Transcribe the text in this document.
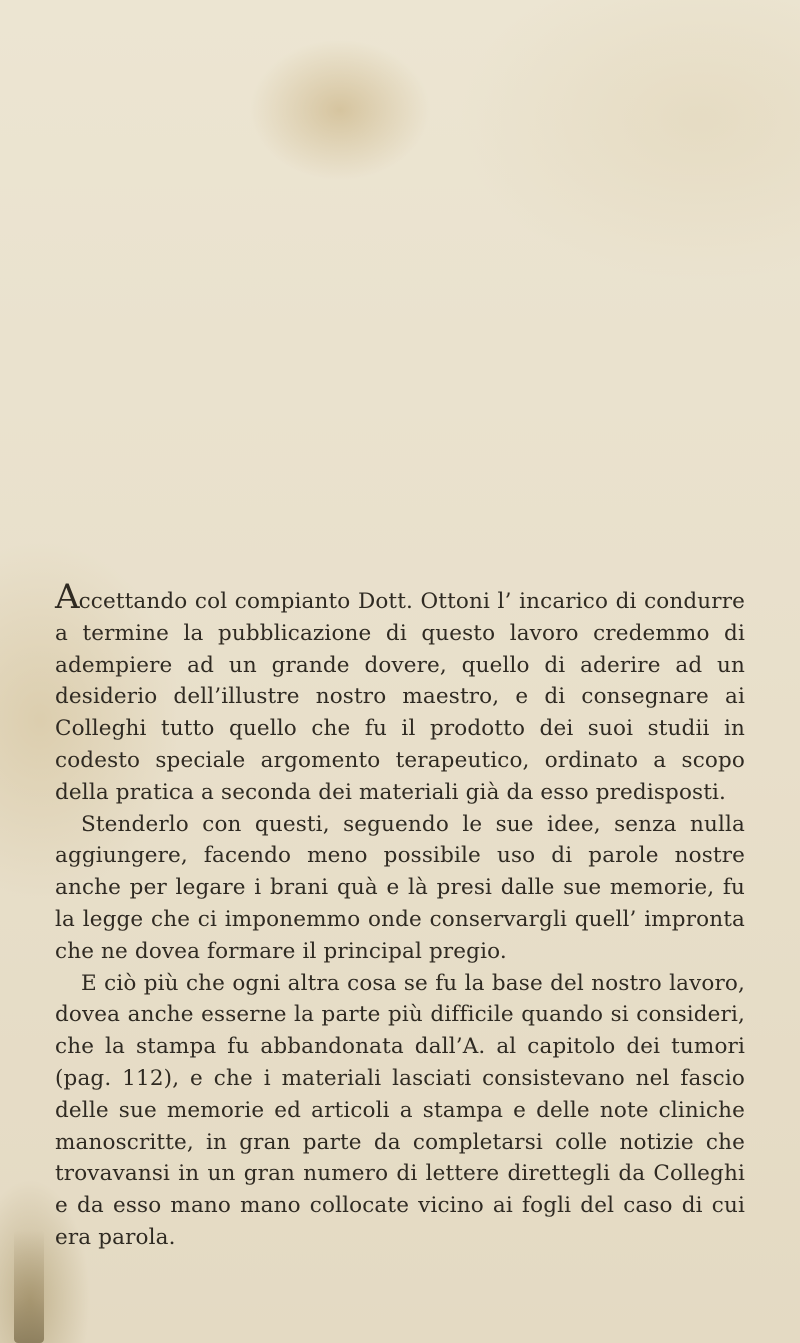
Accettando col compianto Dott. Ottoni l’ incarico di condurre a termine la pubblicazione di questo lavoro credemmo di adempiere ad un grande dovere, quello di aderire ad un desiderio dell’illustre nostro maestro, e di consegnare ai Colleghi tutto quello che fu il prodotto dei suoi studii in codesto speciale argomento terapeutico, ordinato a scopo della pratica a seconda dei materiali già da esso predisposti.

Stenderlo con questi, seguendo le sue idee, senza nulla aggiungere, facendo meno possibile uso di parole nostre anche per legare i brani quà e là presi dalle sue memorie, fu la legge che ci imponemmo onde conservargli quell’ impronta che ne dovea formare il principal pregio.

E ciò più che ogni altra cosa se fu la base del nostro lavoro, dovea anche esserne la parte più difficile quando si consideri, che la stampa fu abbandonata dall’A. al capitolo dei tumori (pag. 112), e che i materiali lasciati consistevano nel fascio delle sue memorie ed articoli a stampa e delle note cliniche manoscritte, in gran parte da completarsi colle notizie che trovavansi in un gran numero di lettere direttegli da Colleghi e da esso mano mano collocate vicino ai fogli del caso di cui era parola.
